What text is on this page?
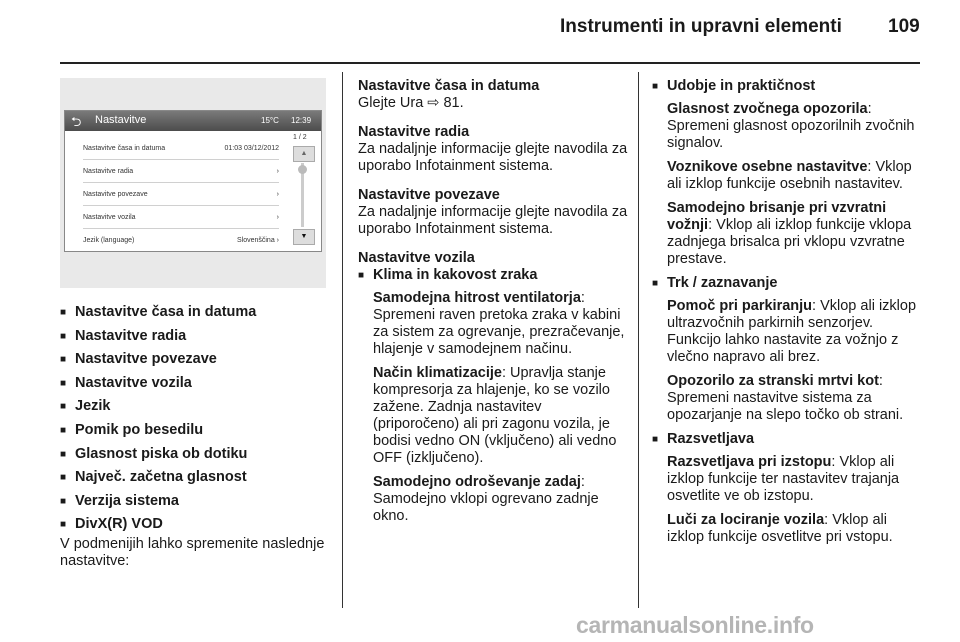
Instrumenti in upravni elementi 109
⮌ Nastavitve	15°C 12:39
Nastavitve časa in datuma	01:03 03/12/2012
Nastavitve radia	›
Nastavitve povezave	›
Nastavitve vozila	›
Jezik (language)	Slovenščina ›
1 / 2
▲
▼
■ Nastavitve časa in datuma
■ Nastavitve radia
■ Nastavitve povezave
■ Nastavitve vozila
■ Jezik
■ Pomik po besedilu
■ Glasnost piska ob dotiku
■ Največ. začetna glasnost
■ Verzija sistema
■ DivX(R) VOD

V podmenijih lahko spremenite naslednje nastavitve:

Nastavitve časa in datuma
Glejte Ura ⇨ 81.

Nastavitve radia
Za nadaljnje informacije glejte navodila za uporabo Infotainment sistema.

Nastavitve povezave
Za nadaljnje informacije glejte navodila za uporabo Infotainment sistema.

Nastavitve vozila

■ Klima in kakovost zraka

Samodejna hitrost ventilatorja: Spremeni raven pretoka zraka v kabini za sistem za ogrevanje, prezračevanje, hlajenje v samodejnem načinu.

Način klimatizacije: Upravlja stanje kompresorja za hlajenje, ko se vozilo zažene. Zadnja nastavitev (priporočeno) ali pri zagonu vozila, je bodisi vedno ON (vključeno) ali vedno OFF (izključeno).

Samodejno odroševanje zadaj: Samodejno vklopi ogrevano zadnje okno.

■ Udobje in praktičnost

Glasnost zvočnega opozorila: Spremeni glasnost opozorilnih zvočnih signalov.

Voznikove osebne nastavitve: Vklop ali izklop funkcije osebnih nastavitev.

Samodejno brisanje pri vzvratni vožnji: Vklop ali izklop funkcije vklopa zadnjega brisalca pri vklopu vzvratne prestave.

■ Trk / zaznavanje

Pomoč pri parkiranju: Vklop ali izklop ultrazvočnih parkirnih senzorjev. Funkcijo lahko nastavite za vožnjo z vlečno napravo ali brez.

Opozorilo za stranski mrtvi kot: Spremeni nastavitve sistema za opozarjanje na slepo točko ob strani.

■ Razsvetljava

Razsvetljava pri izstopu: Vklop ali izklop funkcije ter nastavitev trajanja osvetlite ve ob izstopu.

Luči za lociranje vozila: Vklop ali izklop funkcije osvetlitve pri vstopu.

carmanualsonline.info
